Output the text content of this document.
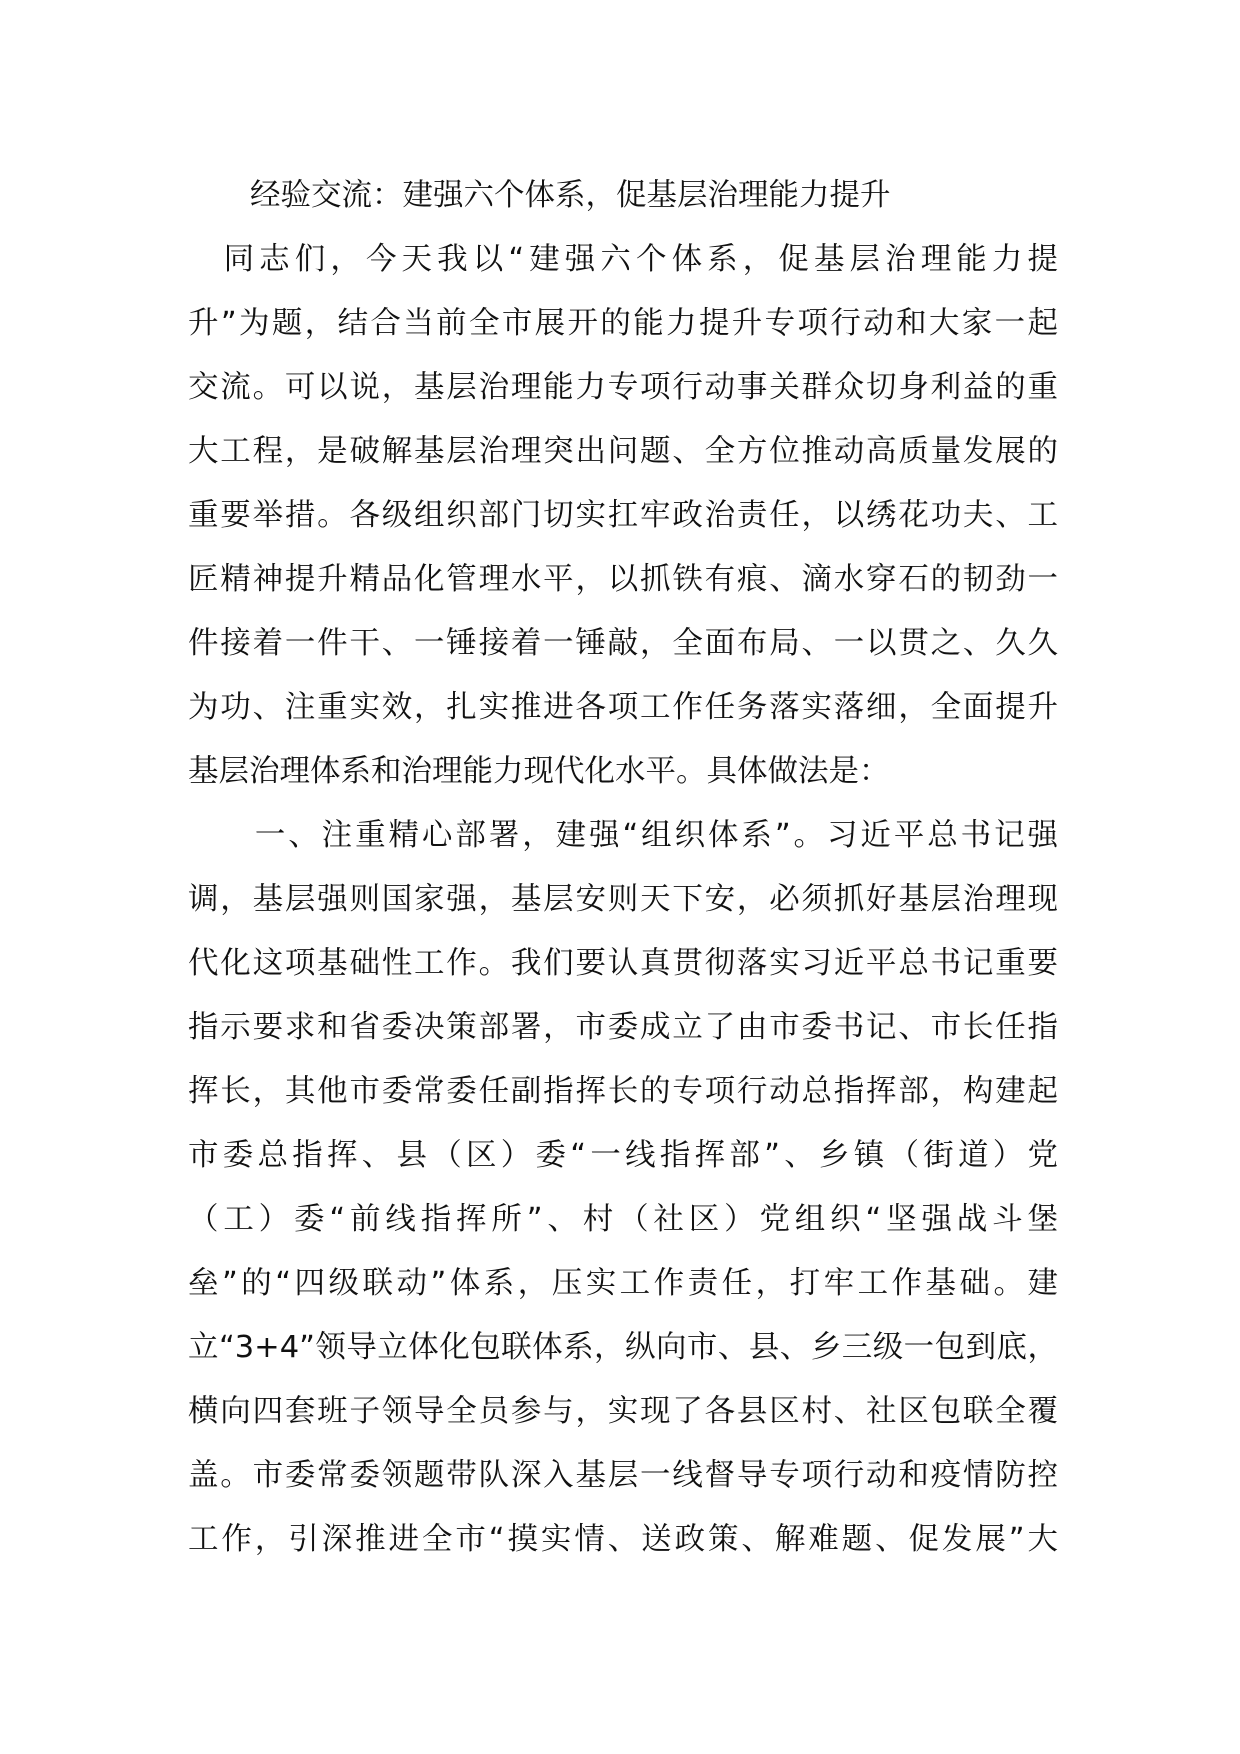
经验交流：建强六个体系，促基层治理能力提升
　同志们，今天我以“建强六个体系，促基层治理能力提
升”为题，结合当前全市展开的能力提升专项行动和大家一起
交流。可以说，基层治理能力专项行动事关群众切身利益的重
大工程，是破解基层治理突出问题、全方位推动高质量发展的
重要举措。各级组织部门切实扛牢政治责任，以绣花功夫、工
匠精神提升精品化管理水平，以抓铁有痕、滴水穿石的韧劲一
件接着一件干、一锤接着一锤敲，全面布局、一以贯之、久久
为功、注重实效，扎实推进各项工作任务落实落细，全面提升
基层治理体系和治理能力现代化水平。具体做法是：
　　一、注重精心部署，建强“组织体系”。习近平总书记强
调，基层强则国家强，基层安则天下安，必须抓好基层治理现
代化这项基础性工作。我们要认真贯彻落实习近平总书记重要
指示要求和省委决策部署，市委成立了由市委书记、市长任指
挥长，其他市委常委任副指挥长的专项行动总指挥部，构建起
市委总指挥、县（区）委“一线指挥部”、乡镇（街道）党
（工）委“前线指挥所”、村（社区）党组织“坚强战斗堡
垒”的“四级联动”体系，压实工作责任，打牢工作基础。建
立“3+4”领导立体化包联体系，纵向市、县、乡三级一包到底，
横向四套班子领导全员参与，实现了各县区村、社区包联全覆
盖。市委常委领题带队深入基层一线督导专项行动和疫情防控
工作，引深推进全市“摸实情、送政策、解难题、促发展”大
